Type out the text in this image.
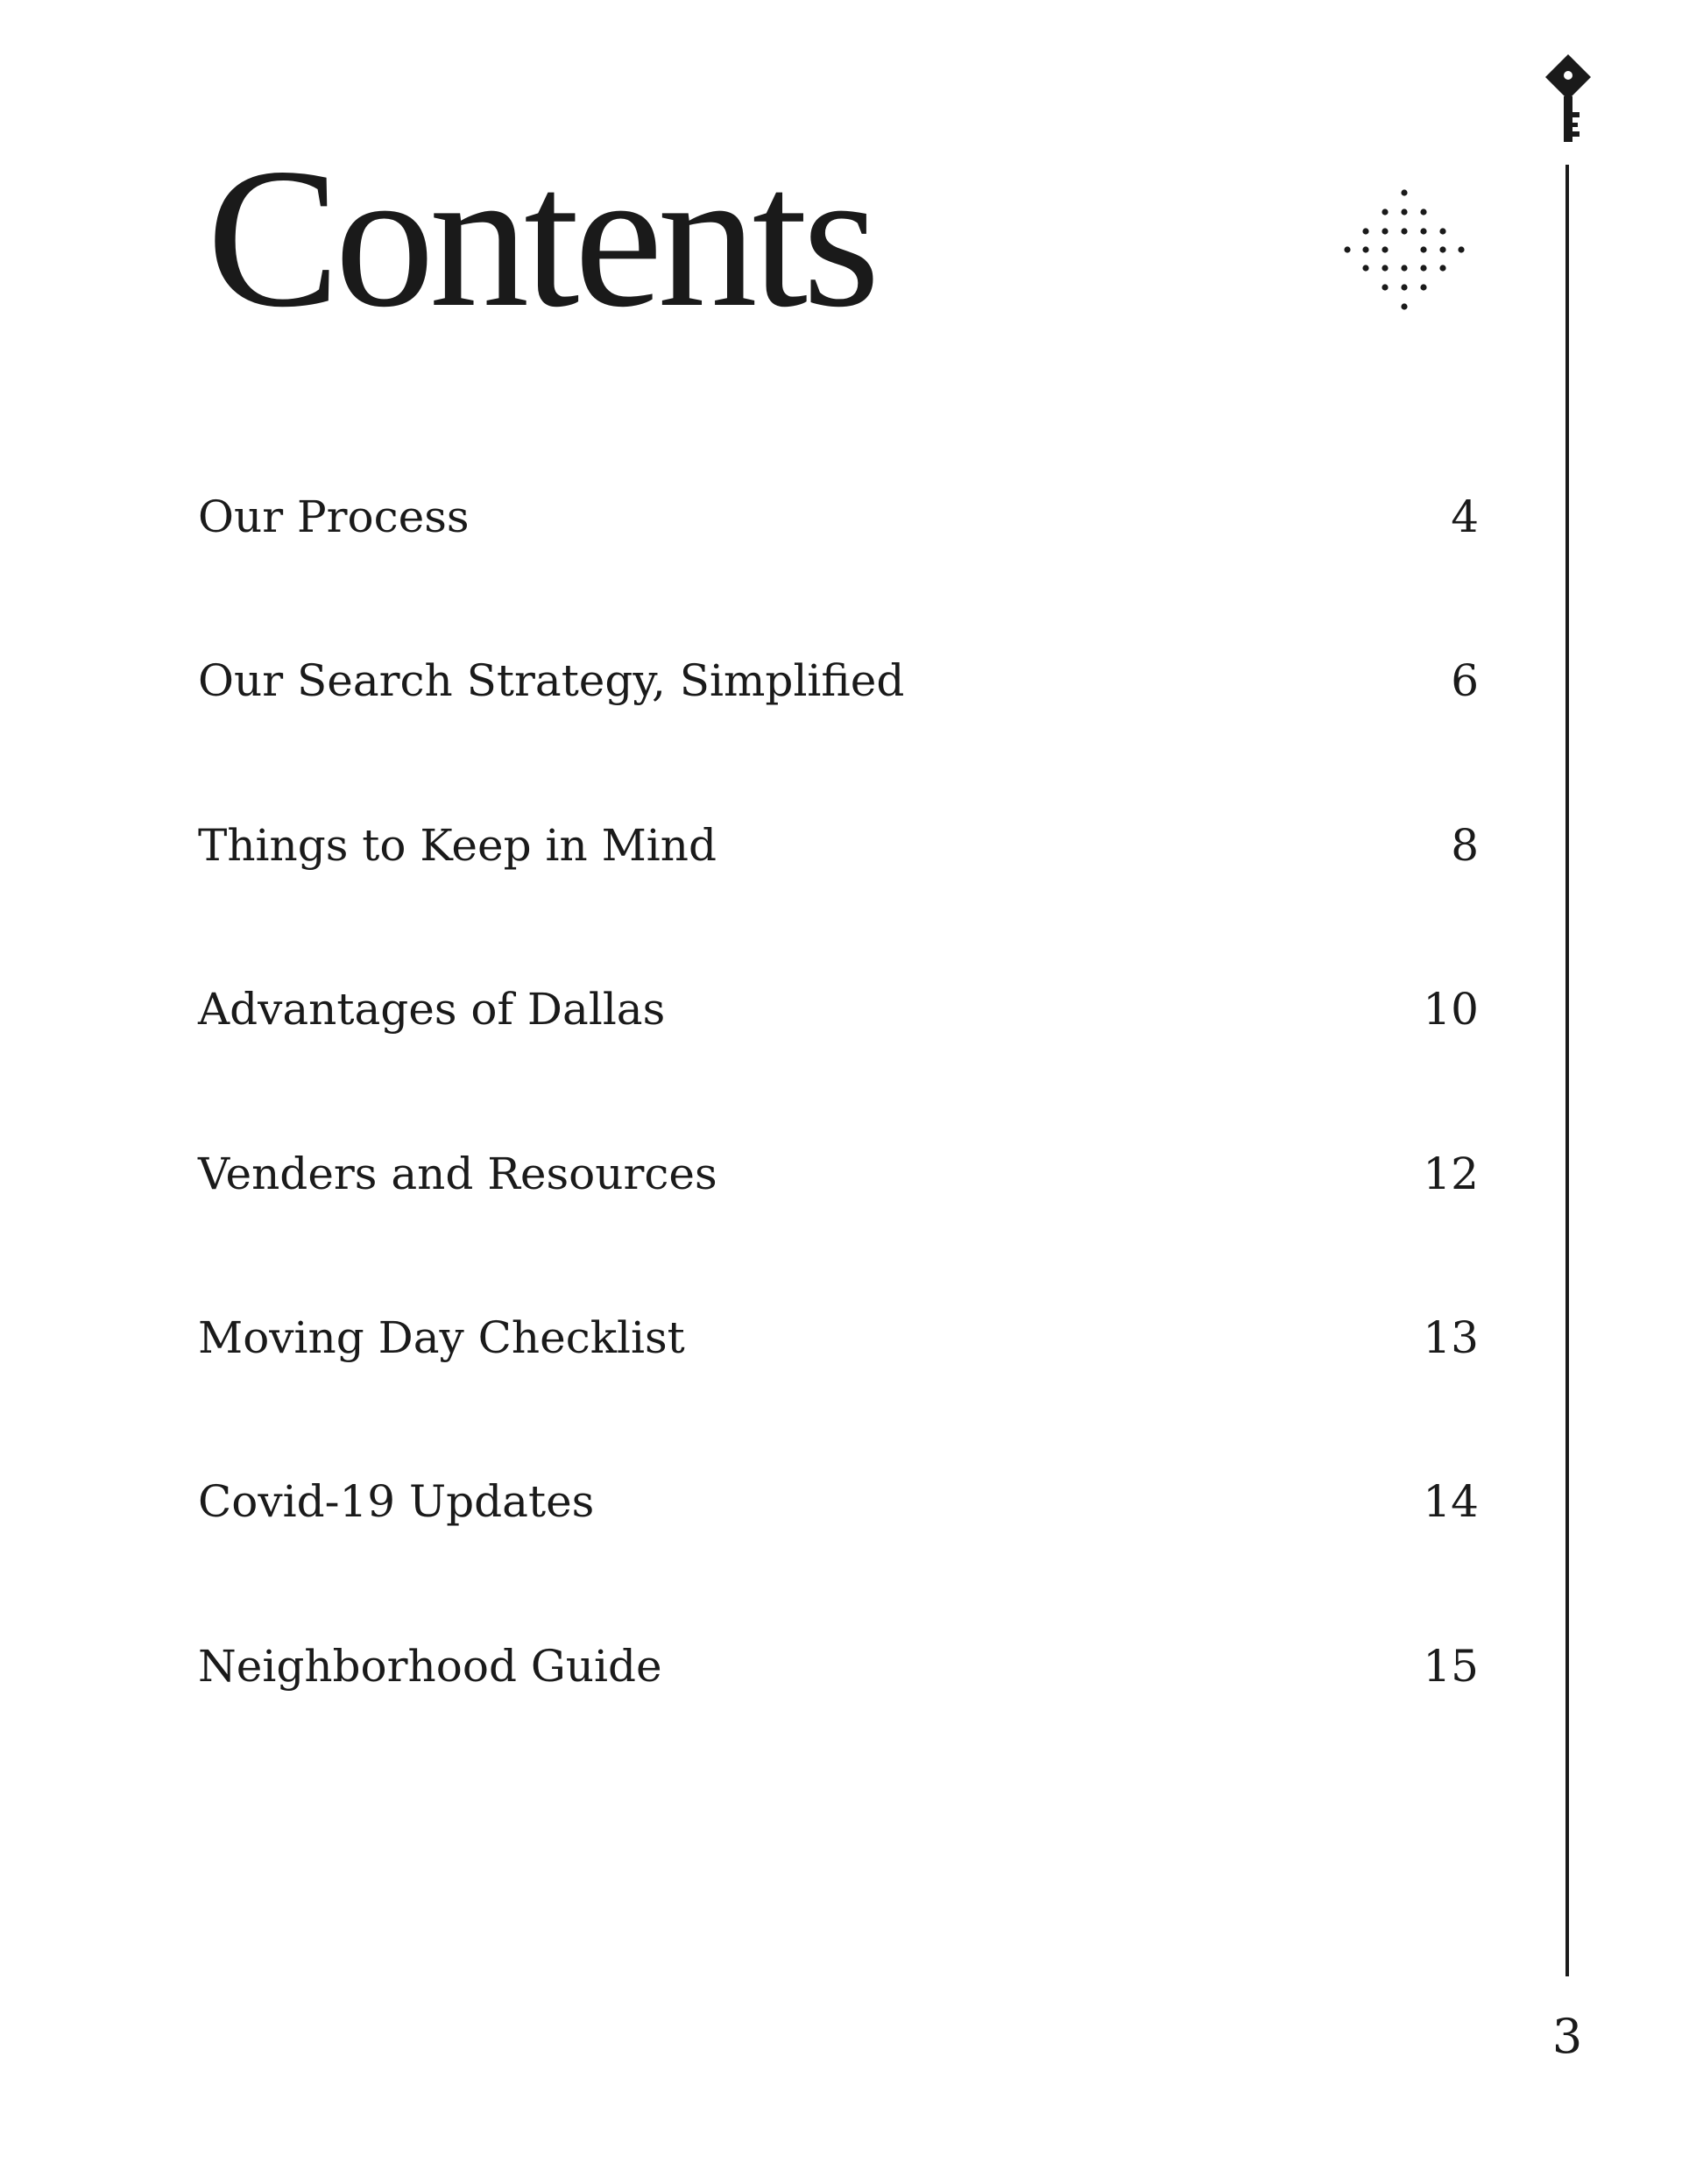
Contents
Our Process	4
Our Search Strategy, Simplified	6
Things to Keep in Mind	8
Advantages of Dallas	10
Venders and Resources	12
Moving Day Checklist	13
Covid-19 Updates	14
Neighborhood Guide	15
3
